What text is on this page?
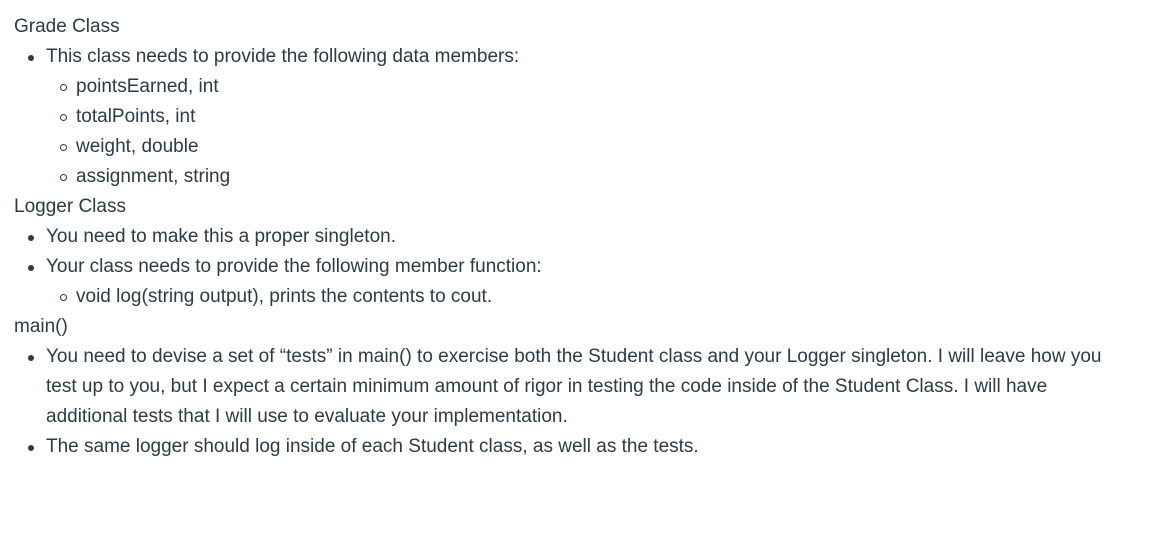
Grade Class

This class needs to provide the following data members:
pointsEarned, int
totalPoints, int
weight, double
assignment, string

Logger Class

You need to make this a proper singleton.
Your class needs to provide the following member function:
void log(string output), prints the contents to cout.

main()

You need to devise a set of “tests” in main() to exercise both the Student class and your Logger singleton. I will leave how you test up to you, but I expect a certain minimum amount of rigor in testing the code inside of the Student Class. I will have additional tests that I will use to evaluate your implementation.
The same logger should log inside of each Student class, as well as the tests.
